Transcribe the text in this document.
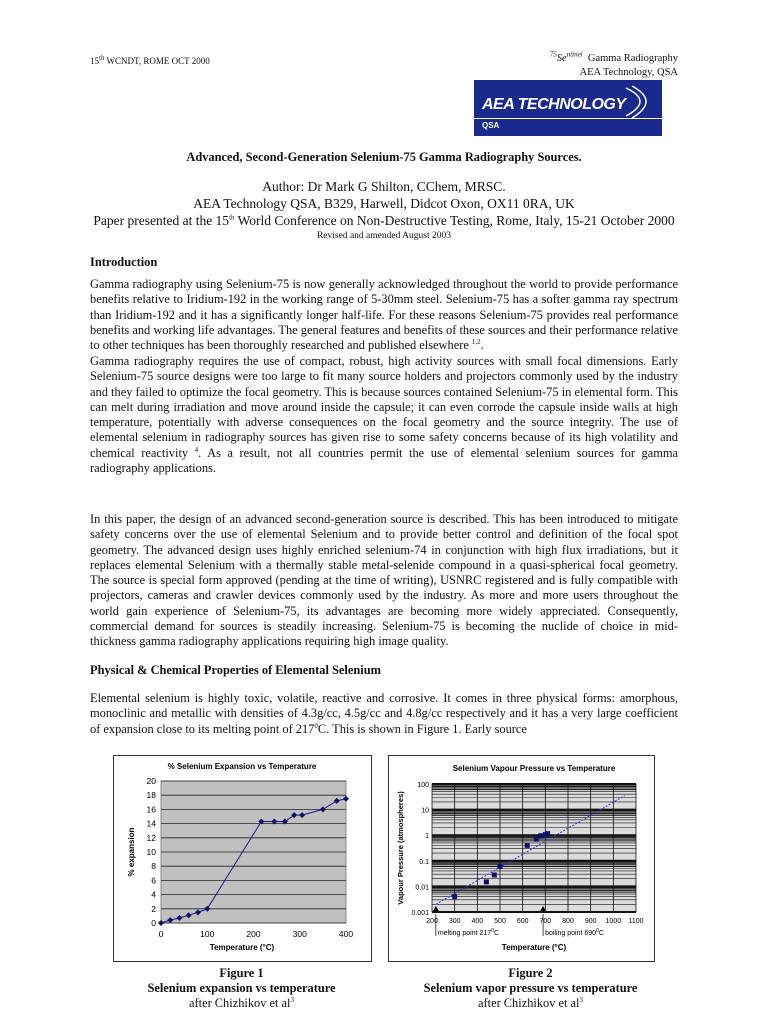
15th WCNDT, ROME OCT 2000
$^{75}Se^{ntinel}$ Gamma Radiography
AEA Technology, QSA
AEA TECHNOLOGY
QSA
Advanced, Second-Generation Selenium-75 Gamma Radiography Sources.
Author: Dr Mark G Shilton, CChem, MRSC.
AEA Technology QSA, B329, Harwell, Didcot Oxon, OX11 0RA, UK
Paper presented at the 15th World Conference on Non-Destructive Testing, Rome, Italy, 15-21 October 2000
Revised and amended August 2003
Introduction
Gamma radiography using Selenium-75 is now generally acknowledged throughout the world to provide performance benefits relative to Iridium-192 in the working range of 5-30mm steel. Selenium-75 has a softer gamma ray spectrum than Iridium-192 and it has a significantly longer half-life. For these reasons Selenium-75 provides real performance benefits and working life advantages. The general features and benefits of these sources and their performance relative to other techniques has been thoroughly researched and published elsewhere $^{1,2}$.
Gamma radiography requires the use of compact, robust, high activity sources with small focal dimensions. Early Selenium-75 source designs were too large to fit many source holders and projectors commonly used by the industry and they failed to optimize the focal geometry. This is because sources contained Selenium-75 in elemental form. This can melt during irradiation and move around inside the capsule; it can even corrode the capsule inside walls at high temperature, potentially with adverse consequences on the focal geometry and the source integrity. The use of elemental selenium in radiography sources has given rise to some safety concerns because of its high volatility and chemical reactivity $^4$. As a result, not all countries permit the use of elemental selenium sources for gamma radiography applications.
In this paper, the design of an advanced second-generation source is described. This has been introduced to mitigate safety concerns over the use of elemental Selenium and to provide better control and definition of the focal spot geometry. The advanced design uses highly enriched selenium-74 in conjunction with high flux irradiations, but it replaces elemental Selenium with a thermally stable metal-selenide compound in a quasi-spherical focal geometry. The source is special form approved (pending at the time of writing), USNRC registered and is fully compatible with projectors, cameras and crawler devices commonly used by the industry. As more and more users throughout the world gain experience of Selenium-75, its advantages are becoming more widely appreciated. Consequently, commercial demand for sources is steadily increasing. Selenium-75 is becoming the nuclide of choice in mid-thickness gamma radiography applications requiring high image quality.
Physical & Chemical Properties of Elemental Selenium
Elemental selenium is highly toxic, volatile, reactive and corrosive. It comes in three physical forms: amorphous, monoclinic and metallic with densities of 4.3g/cc, 4.5g/cc and 4.8g/cc respectively and it has a very large coefficient of expansion close to its melting point of $217^0C$. This is shown in Figure 1. Early source
% Selenium Expansion vs Temperature
0
2
4
6
8
10
12
14
16
18
20
0	100	200	300	400
Temperature (°C)
% expansion
Selenium Vapour Pressure vs Temperature
200 300 400 500 600 700 800 900 1000 1100
0.001
0.01
0.1
1
10
100
Temperature (°C)
Vapour Pressure (atmospheres)
melting point $217^0C$	boiling point $690^0C$
Figure 1
Selenium expansion vs temperature
after Chizhikov et $al^3$
Figure 2
Selenium vapor pressure vs temperature
after Chizhikov et $al^3$
